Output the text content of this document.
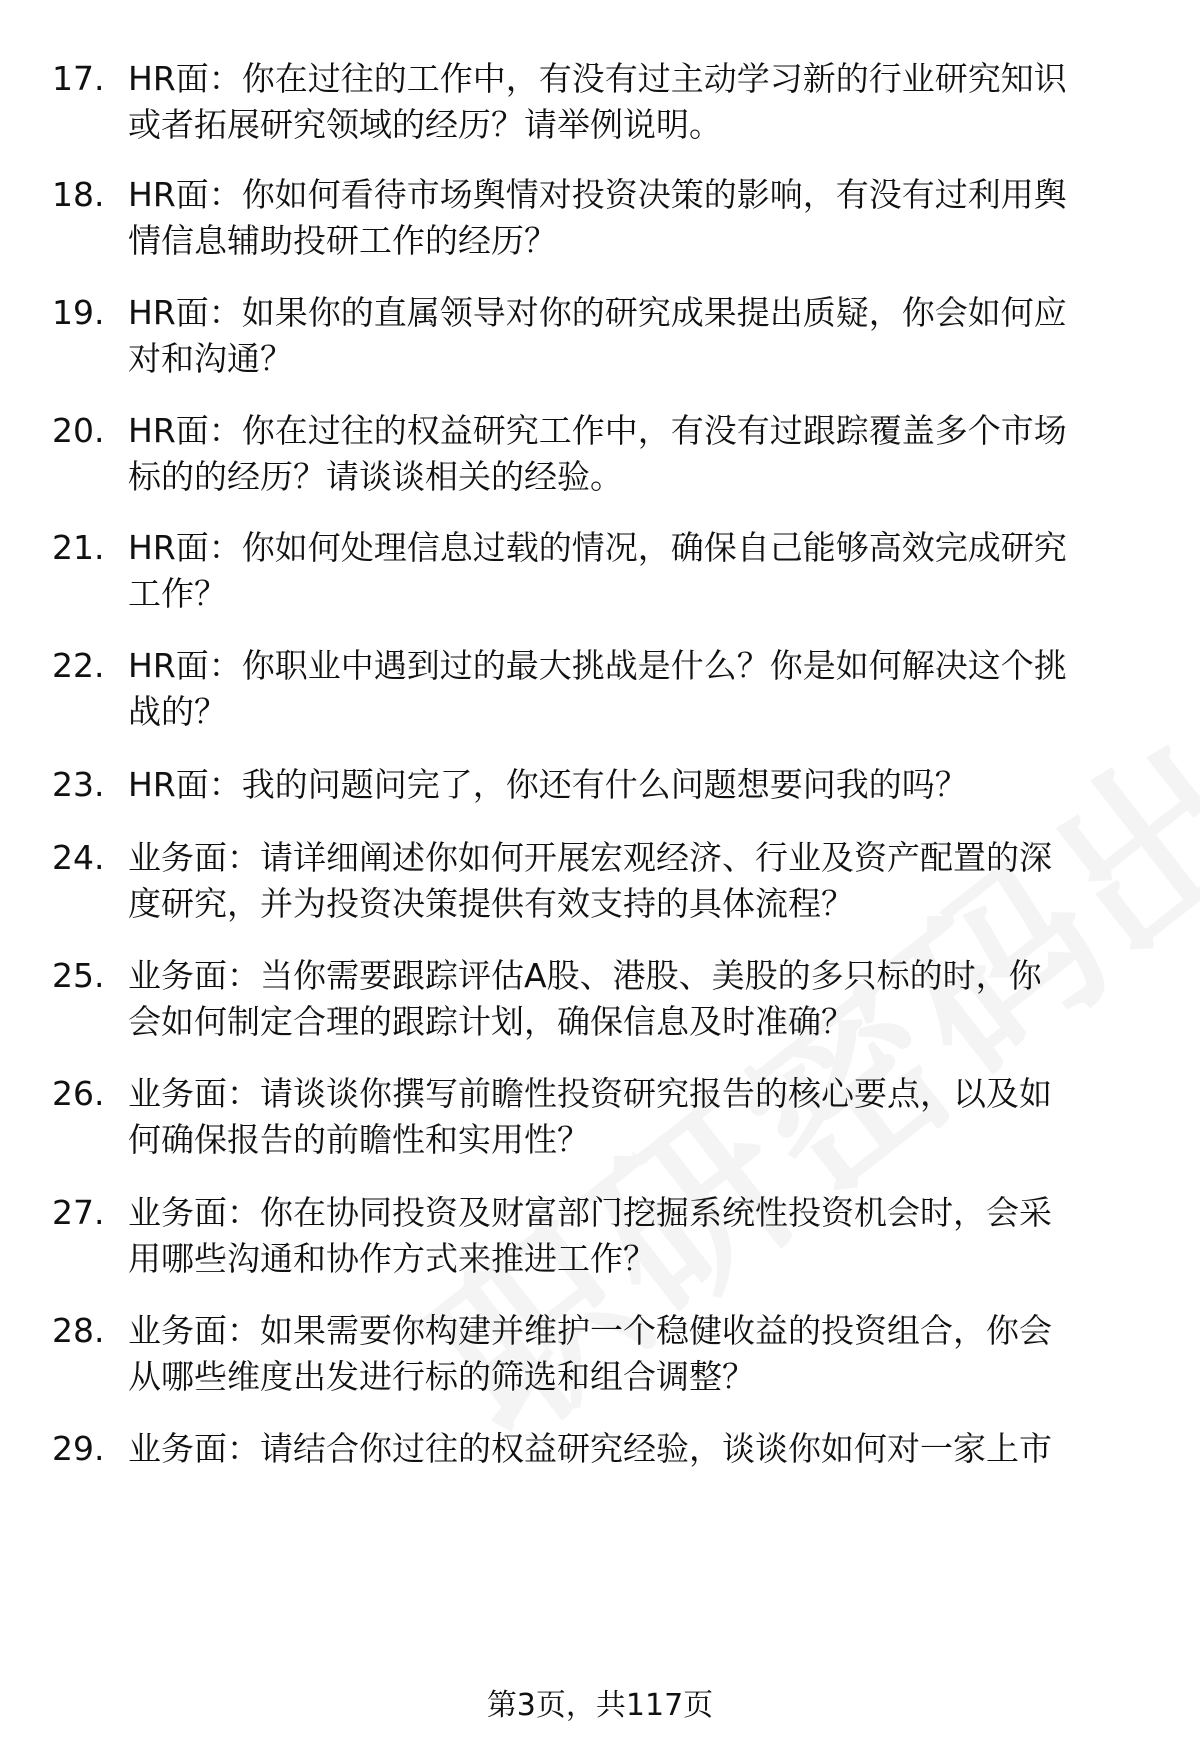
17. HR面：你在过往的工作中，有没有过主动学习新的行业研究知识
或者拓展研究领域的经历？请举例说明。
18. HR面：你如何看待市场舆情对投资决策的影响，有没有过利用舆
情信息辅助投研工作的经历？
19. HR面：如果你的直属领导对你的研究成果提出质疑，你会如何应
对和沟通？
20. HR面：你在过往的权益研究工作中，有没有过跟踪覆盖多个市场
标的的经历？请谈谈相关的经验。
21. HR面：你如何处理信息过载的情况，确保自己能够高效完成研究
工作？
22. HR面：你职业中遇到过的最大挑战是什么？你是如何解决这个挑
战的？
23. HR面：我的问题问完了，你还有什么问题想要问我的吗？
24. 业务面：请详细阐述你如何开展宏观经济、行业及资产配置的深
度研究，并为投资决策提供有效支持的具体流程？
25. 业务面：当你需要跟踪评估A股、港股、美股的多只标的时，你
会如何制定合理的跟踪计划，确保信息及时准确？
26. 业务面：请谈谈你撰写前瞻性投资研究报告的核心要点，以及如
何确保报告的前瞻性和实用性？
27. 业务面：你在协同投资及财富部门挖掘系统性投资机会时，会采
用哪些沟通和协作方式来推进工作？
28. 业务面：如果需要你构建并维护一个稳健收益的投资组合，你会
从哪些维度出发进行标的筛选和组合调整？
29. 业务面：请结合你过往的权益研究经验，谈谈你如何对一家上市
第3页，共117页
